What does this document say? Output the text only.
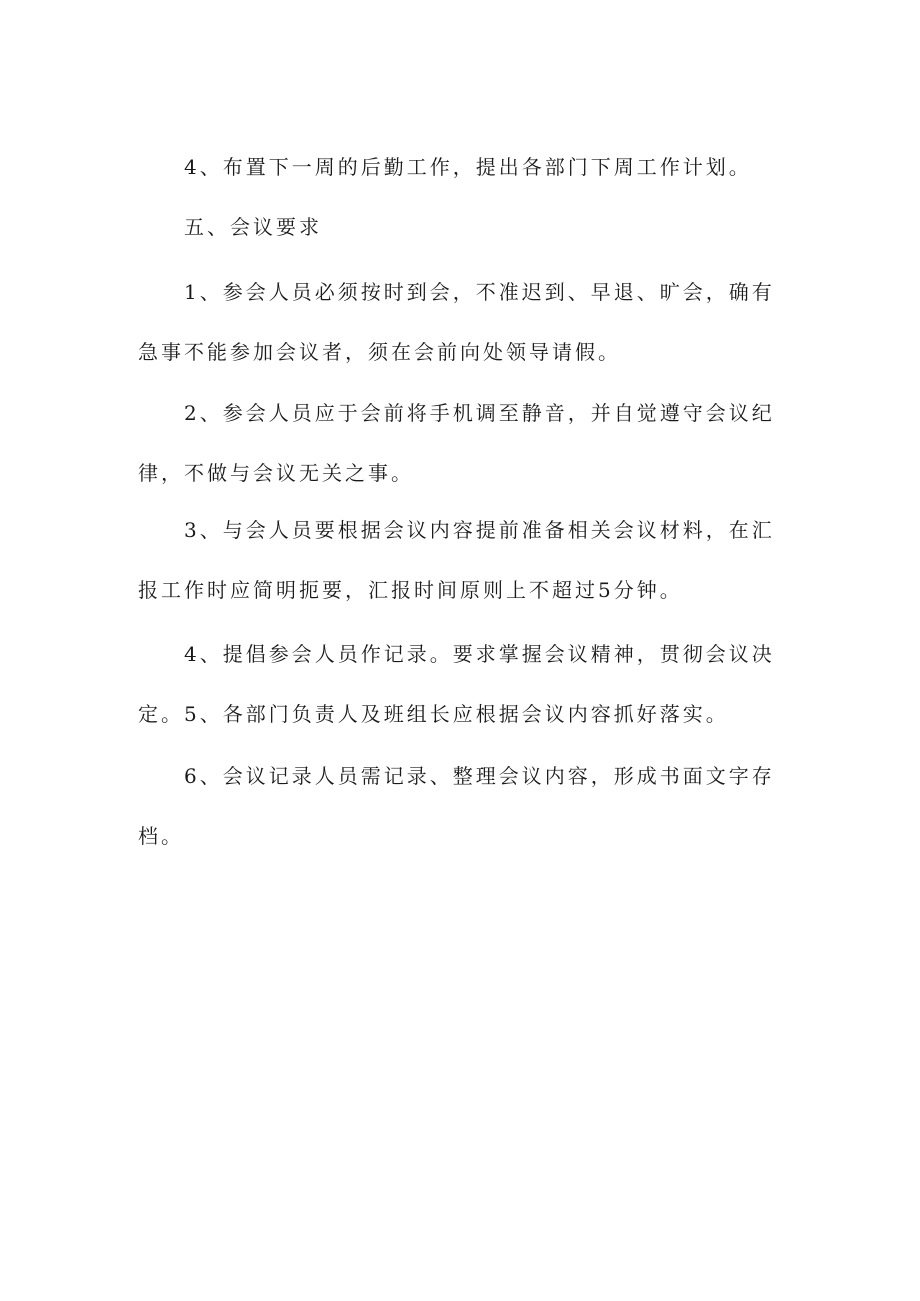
4、布置下一周的后勤工作，提出各部门下周工作计划。

五、会议要求

1、参会人员必须按时到会，不准迟到、早退、旷会，确有急事不能参加会议者，须在会前向处领导请假。

2、参会人员应于会前将手机调至静音，并自觉遵守会议纪律，不做与会议无关之事。

3、与会人员要根据会议内容提前准备相关会议材料，在汇报工作时应简明扼要，汇报时间原则上不超过5分钟。

4、提倡参会人员作记录。要求掌握会议精神，贯彻会议决定。 5、各部门负责人及班组长应根据会议内容抓好落实。

6、会议记录人员需记录、整理会议内容，形成书面文字存档。
